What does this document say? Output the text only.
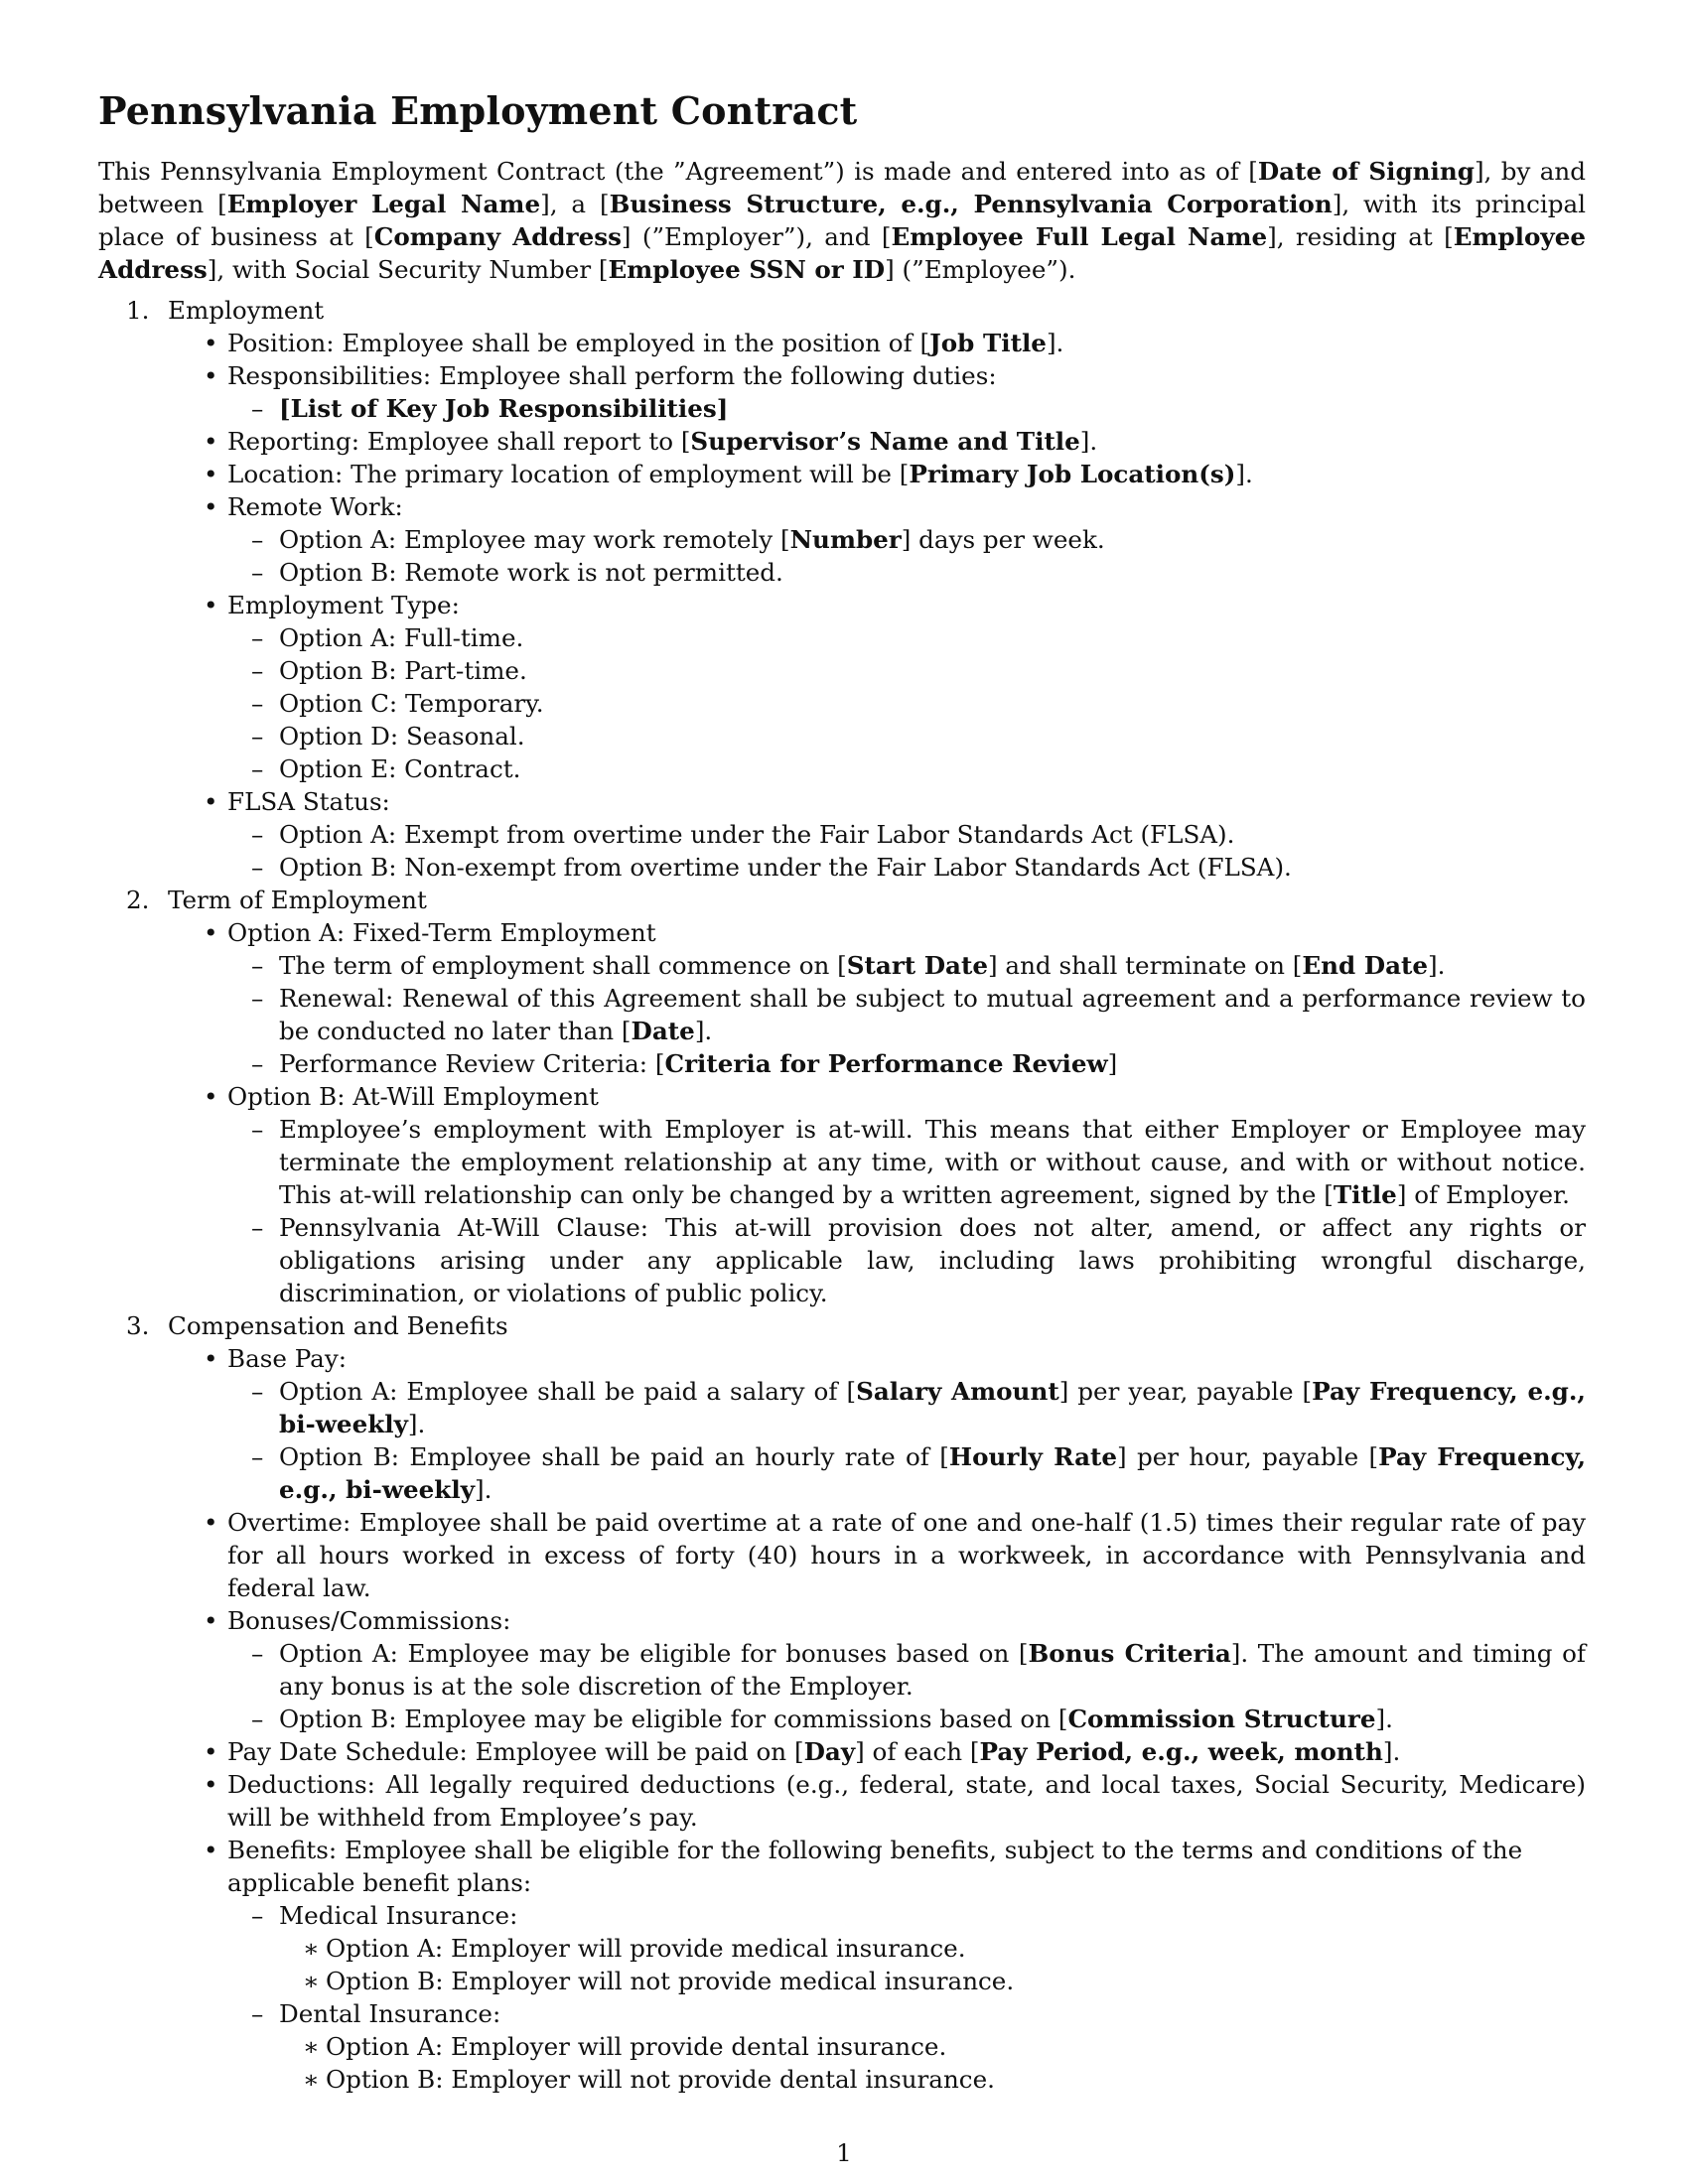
Pennsylvania Employment Contract

This Pennsylvania Employment Contract (the ”Agreement”) is made and entered into as of [Date of Signing], by and between [Employer Legal Name], a [Business Structure, e.g., Pennsylvania Corporation], with its principal place of business at [Company Address] (”Employer”), and [Employee Full Legal Name], residing at [Employee Address], with Social Security Number [Employee SSN or ID] (”Employee”).

1. Employment
• Position: Employee shall be employed in the position of [Job Title].
• Responsibilities: Employee shall perform the following duties:
– [List of Key Job Responsibilities]
• Reporting: Employee shall report to [Supervisor’s Name and Title].
• Location: The primary location of employment will be [Primary Job Location(s)].
• Remote Work:
– Option A: Employee may work remotely [Number] days per week.
– Option B: Remote work is not permitted.
• Employment Type:
– Option A: Full-time.
– Option B: Part-time.
– Option C: Temporary.
– Option D: Seasonal.
– Option E: Contract.
• FLSA Status:
– Option A: Exempt from overtime under the Fair Labor Standards Act (FLSA).
– Option B: Non-exempt from overtime under the Fair Labor Standards Act (FLSA).
2. Term of Employment
• Option A: Fixed-Term Employment
– The term of employment shall commence on [Start Date] and shall terminate on [End Date].
– Renewal: Renewal of this Agreement shall be subject to mutual agreement and a performance review to be conducted no later than [Date].
– Performance Review Criteria: [Criteria for Performance Review]
• Option B: At-Will Employment
– Employee’s employment with Employer is at-will. This means that either Employer or Employee may terminate the employment relationship at any time, with or without cause, and with or without notice. This at-will relationship can only be changed by a written agreement, signed by the [Title] of Employer.
– Pennsylvania At-Will Clause: This at-will provision does not alter, amend, or affect any rights or obligations arising under any applicable law, including laws prohibiting wrongful discharge, discrimination, or violations of public policy.
3. Compensation and Benefits
• Base Pay:
– Option A: Employee shall be paid a salary of [Salary Amount] per year, payable [Pay Frequency, e.g., bi-weekly].
– Option B: Employee shall be paid an hourly rate of [Hourly Rate] per hour, payable [Pay Frequency, e.g., bi-weekly].
• Overtime: Employee shall be paid overtime at a rate of one and one-half (1.5) times their regular rate of pay for all hours worked in excess of forty (40) hours in a workweek, in accordance with Pennsylvania and federal law.
• Bonuses/Commissions:
– Option A: Employee may be eligible for bonuses based on [Bonus Criteria]. The amount and timing of any bonus is at the sole discretion of the Employer.
– Option B: Employee may be eligible for commissions based on [Commission Structure].
• Pay Date Schedule: Employee will be paid on [Day] of each [Pay Period, e.g., week, month].
• Deductions: All legally required deductions (e.g., federal, state, and local taxes, Social Security, Medicare) will be withheld from Employee’s pay.
• Benefits: Employee shall be eligible for the following benefits, subject to the terms and conditions of the applicable benefit plans:
– Medical Insurance:
∗ Option A: Employer will provide medical insurance.
∗ Option B: Employer will not provide medical insurance.
– Dental Insurance:
∗ Option A: Employer will provide dental insurance.
∗ Option B: Employer will not provide dental insurance.
1
